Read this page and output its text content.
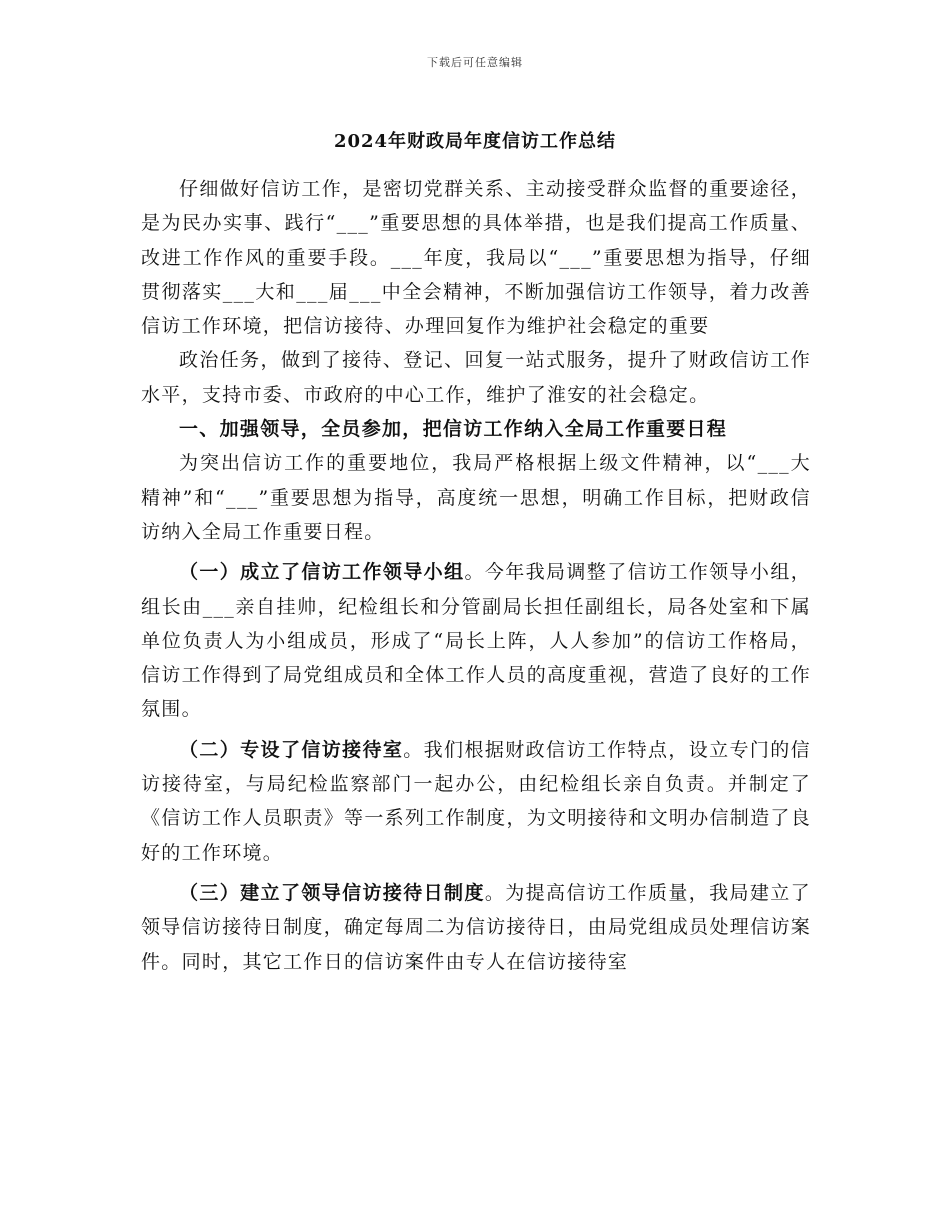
下载后可任意编辑
2024年财政局年度信访工作总结

仔细做好信访工作，是密切党群关系、主动接受群众监督的重要途径，是为民办实事、践行“___”重要思想的具体举措，也是我们提高工作质量、改进工作作风的重要手段。___年度，我局以“___”重要思想为指导，仔细贯彻落实___大和___届___中全会精神，不断加强信访工作领导，着力改善信访工作环境，把信访接待、办理回复作为维护社会稳定的重要

政治任务，做到了接待、登记、回复一站式服务，提升了财政信访工作水平，支持市委、市政府的中心工作，维护了淮安的社会稳定。

一、加强领导，全员参加，把信访工作纳入全局工作重要日程

为突出信访工作的重要地位，我局严格根据上级文件精神，以“___大精神”和“___”重要思想为指导，高度统一思想，明确工作目标，把财政信访纳入全局工作重要日程。

（一）成立了信访工作领导小组。今年我局调整了信访工作领导小组，组长由___亲自挂帅，纪检组长和分管副局长担任副组长，局各处室和下属单位负责人为小组成员，形成了“局长上阵，人人参加”的信访工作格局，信访工作得到了局党组成员和全体工作人员的高度重视，营造了良好的工作氛围。

（二）专设了信访接待室。我们根据财政信访工作特点，设立专门的信访接待室，与局纪检监察部门一起办公，由纪检组长亲自负责。并制定了《信访工作人员职责》等一系列工作制度，为文明接待和文明办信制造了良好的工作环境。

（三）建立了领导信访接待日制度。为提高信访工作质量，我局建立了领导信访接待日制度，确定每周二为信访接待日，由局党组成员处理信访案件。同时，其它工作日的信访案件由专人在信访接待室
